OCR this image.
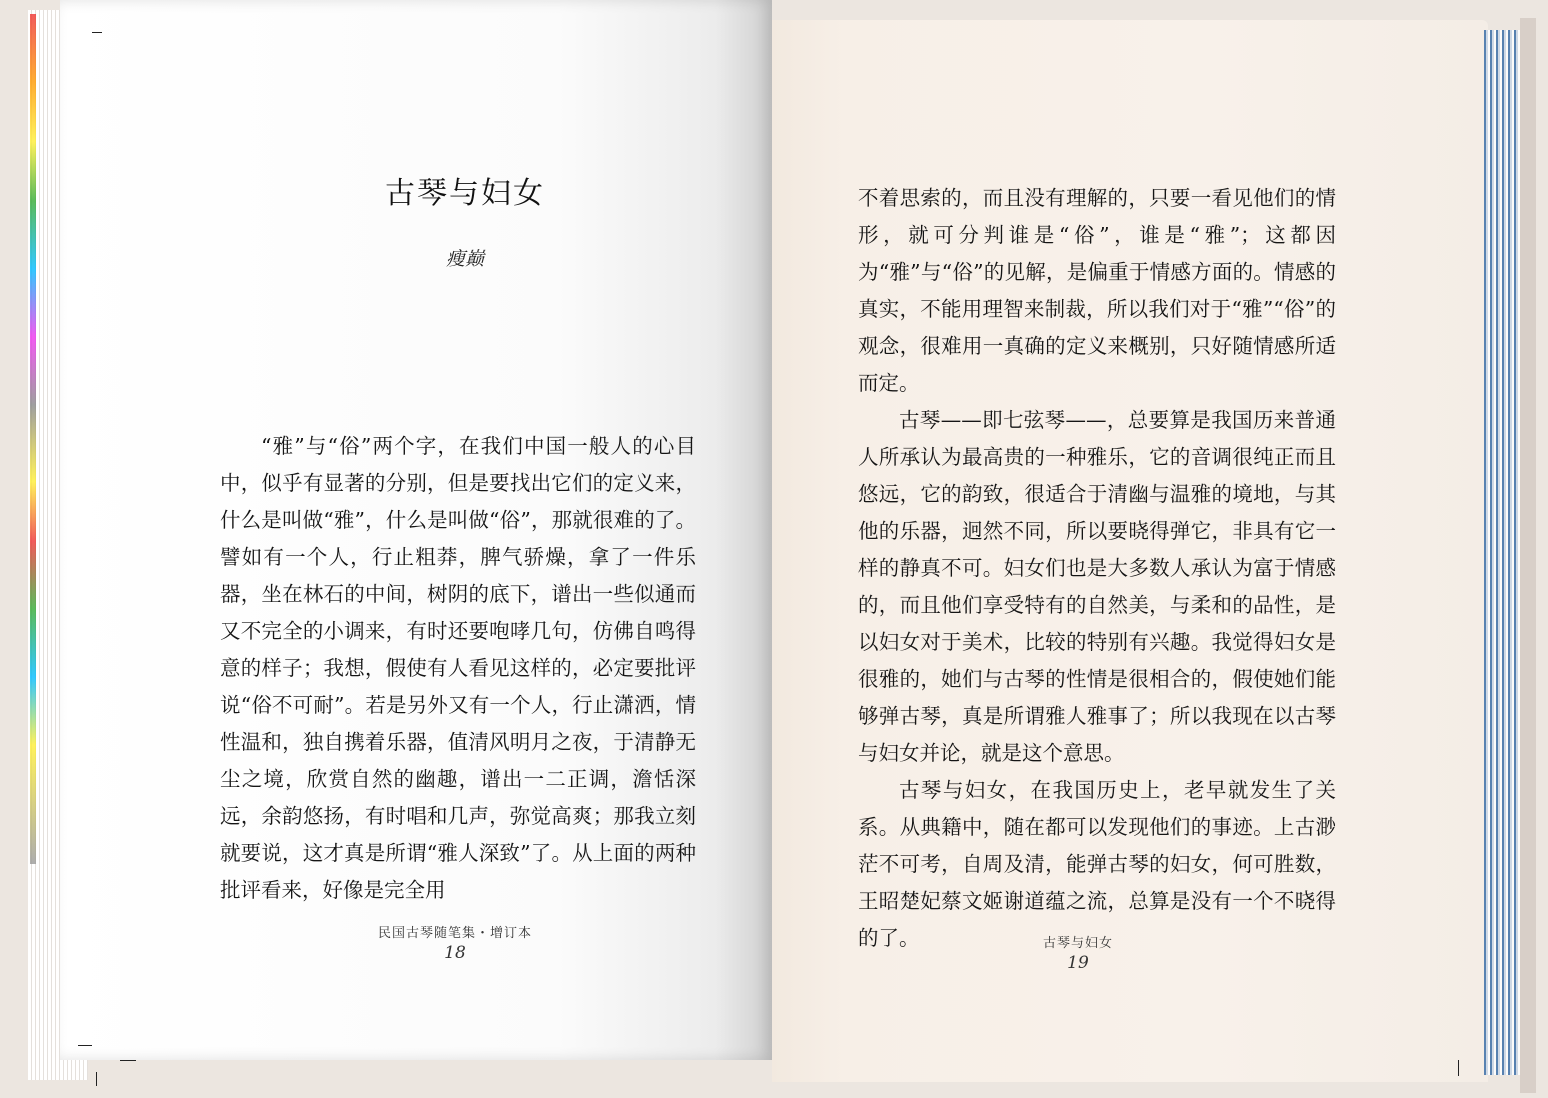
古琴与妇女
瘦巅

“雅”与“俗”两个字，在我们中国一般人的心目中，似乎有显著的分别，但是要找出它们的定义来，什么是叫做“雅”，什么是叫做“俗”，那就很难的了。譬如有一个人，行止粗莽，脾气骄燥，拿了一件乐器，坐在林石的中间，树阴的底下，谱出一些似通而又不完全的小调来，有时还要咆哮几句，仿佛自鸣得意的样子；我想，假使有人看见这样的，必定要批评说“俗不可耐”。若是另外又有一个人，行止潇洒，情性温和，独自携着乐器，值清风明月之夜，于清静无尘之境，欣赏自然的幽趣，谱出一二正调，澹恬深远，余韵悠扬，有时唱和几声，弥觉高爽；那我立刻就要说，这才真是所谓“雅人深致”了。从上面的两种批评看来，好像是完全用

民国古琴随笔集・增订本
18

不着思索的，而且没有理解的，只要一看见他们的情形，就可分判谁是“俗”，谁是“雅”；这都因为“雅”与“俗”的见解，是偏重于情感方面的。情感的真实，不能用理智来制裁，所以我们对于“雅”“俗”的观念，很难用一真确的定义来概别，只好随情感所适而定。

古琴——即七弦琴——，总要算是我国历来普通人所承认为最高贵的一种雅乐，它的音调很纯正而且悠远，它的韵致，很适合于清幽与温雅的境地，与其他的乐器，迥然不同，所以要晓得弹它，非具有它一样的静真不可。妇女们也是大多数人承认为富于情感的，而且他们享受特有的自然美，与柔和的品性，是以妇女对于美术，比较的特别有兴趣。我觉得妇女是很雅的，她们与古琴的性情是很相合的，假使她们能够弹古琴，真是所谓雅人雅事了；所以我现在以古琴与妇女并论，就是这个意思。

古琴与妇女，在我国历史上，老早就发生了关系。从典籍中，随在都可以发现他们的事迹。上古渺茫不可考，自周及清，能弹古琴的妇女，何可胜数，王昭楚妃蔡文姬谢道蕴之流，总算是没有一个不晓得的了。	古琴与妇女
19
